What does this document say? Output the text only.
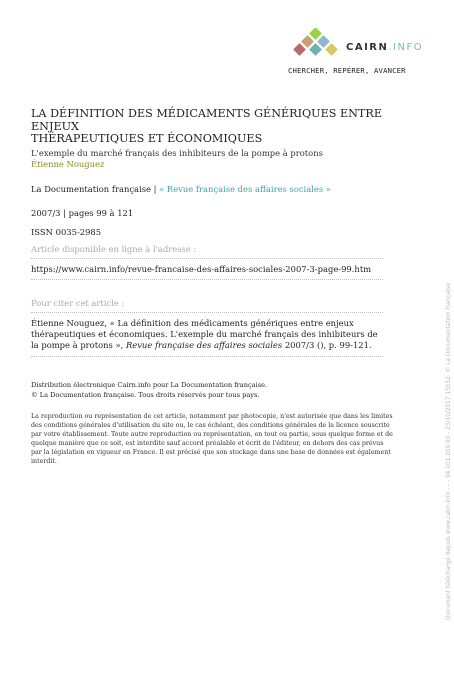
CAIRN.INFO
CHERCHER, REPÉRER, AVANCER
LA DÉFINITION DES MÉDICAMENTS GÉNÉRIQUES ENTRE ENJEUX
THÉRAPEUTIQUES ET ÉCONOMIQUES
L'exemple du marché français des inhibiteurs de la pompe à protons
Étienne Nouguez
La Documentation française | « Revue française des affaires sociales »
2007/3 | pages 99 à 121
ISSN 0035-2985
Article disponible en ligne à l'adresse :
https://www.cairn.info/revue-francaise-des-affaires-sociales-2007-3-page-99.htm
Pour citer cet article :
Étienne Nouguez, « La définition des médicaments génériques entre enjeux thérapeutiques et économiques. L'exemple du marché français des inhibiteurs de la pompe à protons », Revue française des affaires sociales 2007/3 (), p. 99-121.
Distribution électronique Cairn.info pour La Documentation française.
© La Documentation française. Tous droits réservés pour tous pays.
La reproduction ou représentation de cet article, notamment par photocopie, n'est autorisée que dans les limites des conditions générales d'utilisation du site ou, le cas échéant, des conditions générales de la licence souscrite par votre établissement. Toute autre reproduction ou représentation, en tout ou partie, sous quelque forme et de quelque manière que ce soit, est interdite sauf accord préalable et écrit de l'éditeur, en dehors des cas prévus par la législation en vigueur en France. Il est précisé que son stockage dans une base de données est également interdit.	Document téléchargé depuis www.cairn.info - - - 94.101.209.93 - 25/10/2017 15h52. © La Documentation française
